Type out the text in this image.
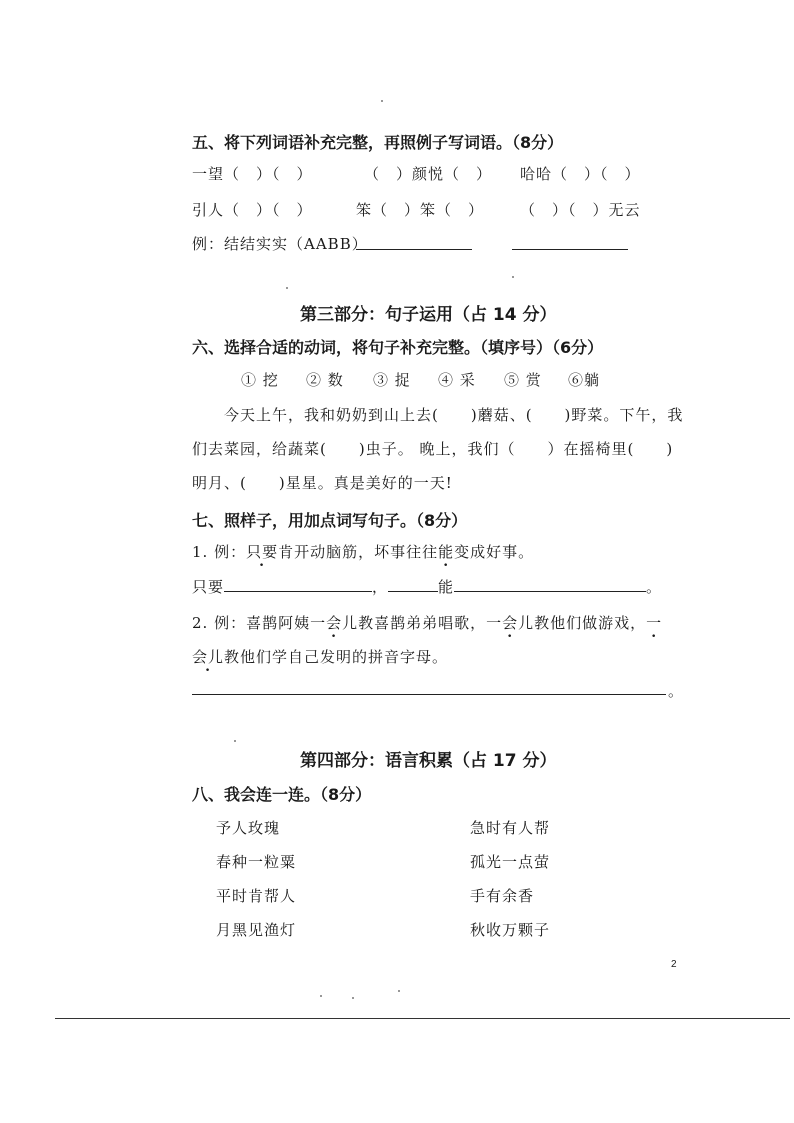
五、将下列词语补充完整，再照例子写词语。（8分）
一望（　）（　）	（　）颜悦（　） 哈哈（　）（　）
引人（　）（　）	笨（　）笨（　） （　）（　）无云
例：结结实实（AABB）
第三部分：句子运用（占 14 分）
六、选择合适的动词，将句子补充完整。（填序号）（6分）
① 挖 ② 数 ③ 捉 ④ 采 ⑤ 赏 ⑥躺
今天上午，我和奶奶到山上去(　　)蘑菇、(　　)野菜。下午，我
们去菜园，给蔬菜(　　)虫子。 晚上，我们（　　）在摇椅里(　　)
明月、(　　)星星。真是美好的一天!
七、照样子，用加点词写句子。（8分）
1. 例：只要肯开动脑筋，坏事往往能变成好事。
只要	，	能	。
2. 例：喜鹊阿姨一会儿教喜鹊弟弟唱歌，一会儿教他们做游戏，一
会儿教他们学自己发明的拼音字母。
。
第四部分：语言积累（占 17 分）
八、我会连一连。（8分）
予人玫瑰
春种一粒粟
平时肯帮人
月黑见渔灯
急时有人帮
孤光一点萤
手有余香
秋收万颗子
2
